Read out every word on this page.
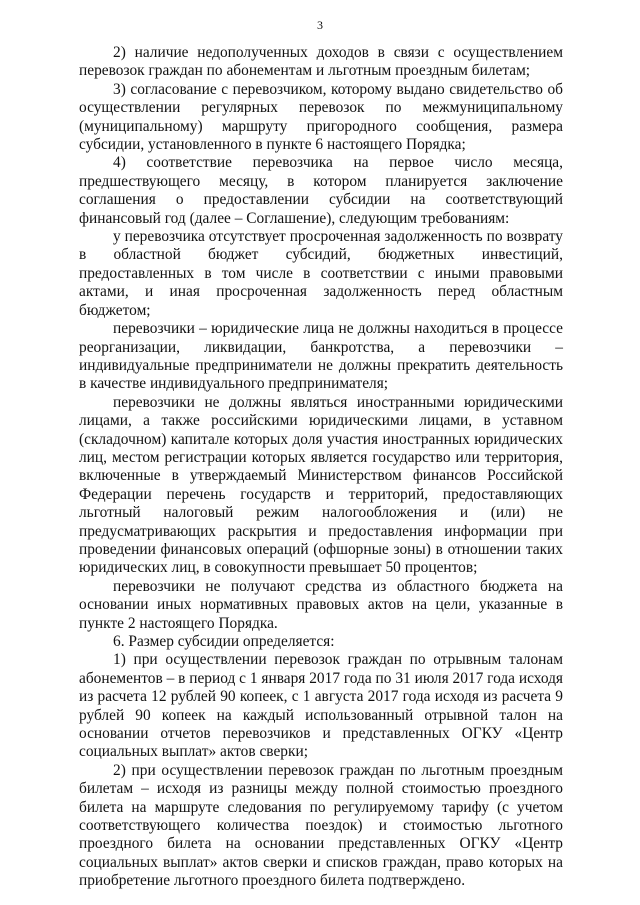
3

2) наличие недополученных доходов в связи с осуществлением перевозок граждан по абонементам и льготным проездным билетам;

3) согласование с перевозчиком, которому выдано свидетельство об осуществлении регулярных перевозок по межмуниципальному (муниципальному) маршруту пригородного сообщения, размера субсидии, установленного в пункте 6 настоящего Порядка;

4) соответствие перевозчика на первое число месяца, предшествующего месяцу, в котором планируется заключение соглашения о предоставлении субсидии на соответствующий финансовый год (далее – Соглашение), следующим требованиям:

у перевозчика отсутствует просроченная задолженность по возврату в областной бюджет субсидий, бюджетных инвестиций, предоставленных в том числе в соответствии с иными правовыми актами, и иная просроченная задолженность перед областным бюджетом;

перевозчики – юридические лица не должны находиться в процессе реорганизации, ликвидации, банкротства, а перевозчики – индивидуальные предприниматели не должны прекратить деятельность в качестве индивидуального предпринимателя;

перевозчики не должны являться иностранными юридическими лицами, а также российскими юридическими лицами, в уставном (складочном) капитале которых доля участия иностранных юридических лиц, местом регистрации которых является государство или территория, включенные в утверждаемый Министерством финансов Российской Федерации перечень государств и территорий, предоставляющих льготный налоговый режим налогообложения и (или) не предусматривающих раскрытия и предоставления информации при проведении финансовых операций (офшорные зоны) в отношении таких юридических лиц, в совокупности превышает 50 процентов;

перевозчики не получают средства из областного бюджета на основании иных нормативных правовых актов на цели, указанные в пункте 2 настоящего Порядка.

6. Размер субсидии определяется:

1) при осуществлении перевозок граждан по отрывным талонам абонементов – в период с 1 января 2017 года по 31 июля 2017 года исходя из расчета 12 рублей 90 копеек, с 1 августа 2017 года исходя из расчета 9 рублей 90 копеек на каждый использованный отрывной талон на основании отчетов перевозчиков и представленных ОГКУ «Центр социальных выплат» актов сверки;

2) при осуществлении перевозок граждан по льготным проездным билетам – исходя из разницы между полной стоимостью проездного билета на маршруте следования по регулируемому тарифу (с учетом соответствующего количества поездок) и стоимостью льготного проездного билета на основании представленных ОГКУ «Центр социальных выплат» актов сверки и списков граждан, право которых на приобретение льготного проездного билета подтверждено.
